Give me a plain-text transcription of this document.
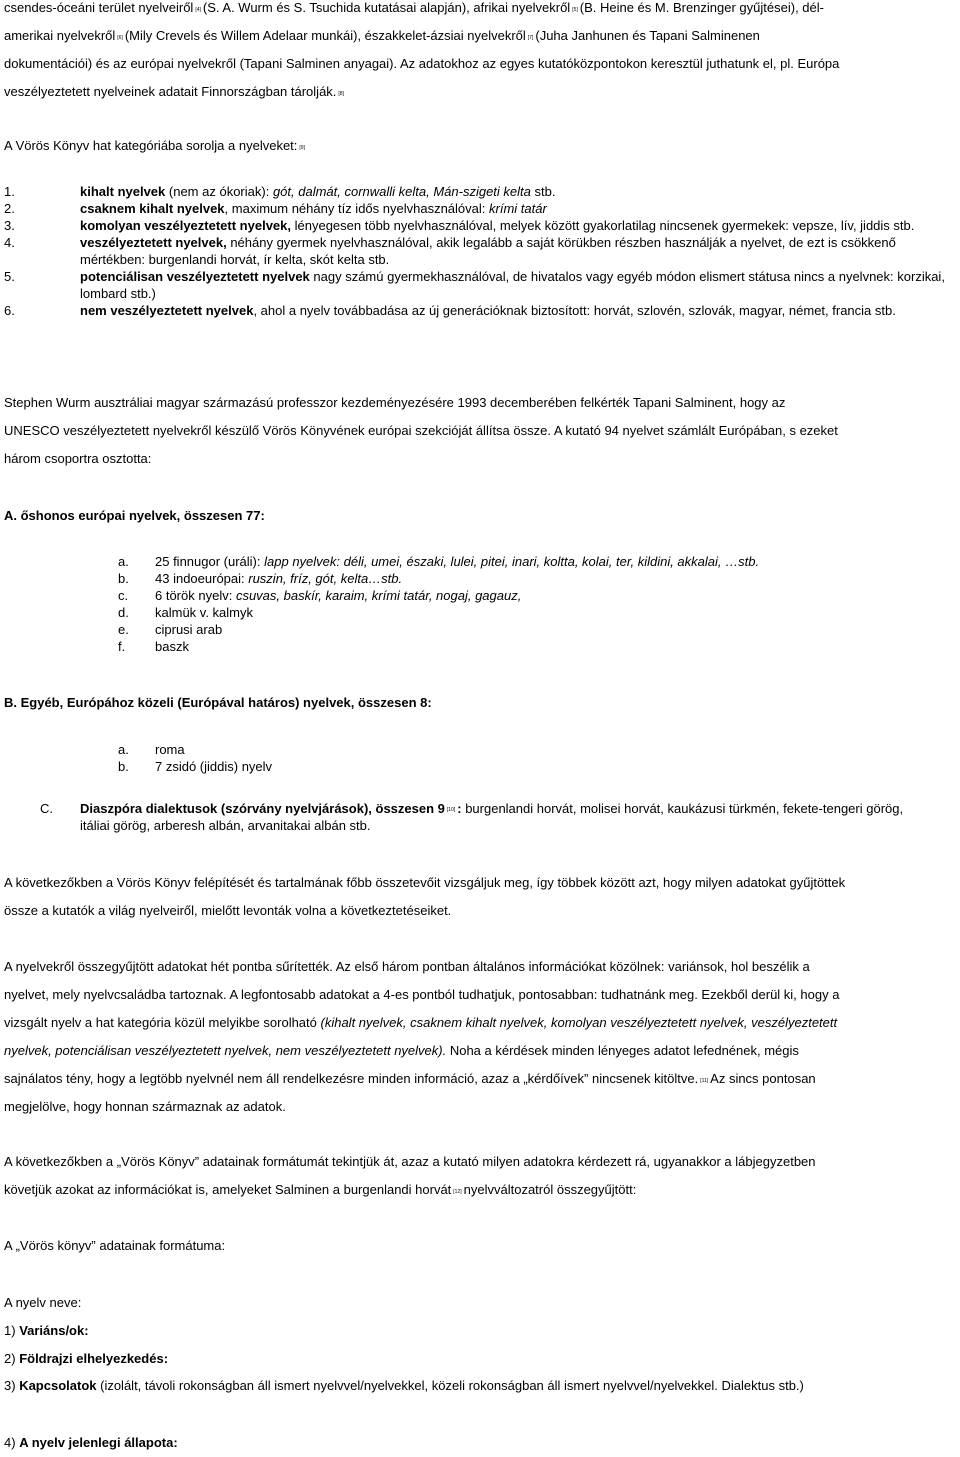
csendes-óceáni terület nyelveiről [4] (S. A. Wurm és S. Tsuchida kutatásai alapján), afrikai nyelvekről [5] (B. Heine és M. Brenzinger gyűjtései), dél-

amerikai nyelvekről [6] (Mily Crevels és Willem Adelaar munkái), északkelet-ázsiai nyelvekről [7] (Juha Janhunen és Tapani Salminenen

dokumentációi) és az európai nyelvekről (Tapani Salminen anyagai). Az adatokhoz az egyes kutatóközpontokon keresztül juthatunk el, pl. Európa

veszélyeztetett nyelveinek adatait Finnországban tárolják. [8]

A Vörös Könyv hat kategóriába sorolja a nyelveket: [9]

1.	kihalt nyelvek (nem az ókoriak): gót, dalmát, cornwalli kelta, Mán-szigeti kelta stb.
2.	csaknem kihalt nyelvek, maximum néhány tíz idős nyelvhasználóval: krími tatár
3.	komolyan veszélyeztetett nyelvek, lényegesen több nyelvhasználóval, melyek között gyakorlatilag nincsenek gyermekek: vepsze, lív, jiddis stb.
4.	veszélyeztetett nyelvek, néhány gyermek nyelvhasználóval, akik legalább a saját körükben részben használják a nyelvet, de ezt is csökkenő mértékben: burgenlandi horvát, ír kelta, skót kelta stb.
5.	potenciálisan veszélyeztetett nyelvek nagy számú gyermekhasználóval, de hivatalos vagy egyéb módon elismert státusa nincs a nyelvnek: korzikai, lombard stb.)
6.	nem veszélyeztetett nyelvek, ahol a nyelv továbbadása az új generációknak biztosított: horvát, szlovén, szlovák, magyar, német, francia stb.

Stephen Wurm ausztráliai magyar származású professzor kezdeményezésére 1993 decemberében felkérték Tapani Salminent, hogy az

UNESCO veszélyeztetett nyelvekről készülő Vörös Könyvének európai szekcióját állítsa össze. A kutató 94 nyelvet számlált Európában, s ezeket

három csoportra osztotta:

A. őshonos európai nyelvek, összesen 77:

a.	25 finnugor (uráli): lapp nyelvek: déli, umei, északi, lulei, pitei, inari, koltta, kolai, ter, kildini, akkalai, …stb.
b.	43 indoeurópai: ruszin, fríz, gót, kelta…stb.
c.	6 török nyelv: csuvas, baskír, karaim, krími tatár, nogaj, gagauz,
d.	kalmük v. kalmyk
e.	ciprusi arab
f.	baszk

B. Egyéb, Európához közeli (Európával határos) nyelvek, összesen 8:

a.	roma
b.	7 zsidó (jiddis) nyelv
C.	Diaszpóra dialektusok (szórvány nyelvjárások), összesen 9 [10] : burgenlandi horvát, molisei horvát, kaukázusi türkmén, fekete-tengeri görög, itáliai görög, arberesh albán, arvanitakai albán stb.

A következőkben a Vörös Könyv felépítését és tartalmának főbb összetevőit vizsgáljuk meg, így többek között azt, hogy milyen adatokat gyűjtöttek

össze a kutatók a világ nyelveiről, mielőtt levonták volna a következtetéseiket.

A nyelvekről összegyűjtött adatokat hét pontba sűrítették. Az első három pontban általános információkat közölnek: variánsok, hol beszélik a

nyelvet, mely nyelvcsaládba tartoznak. A legfontosabb adatokat a 4-es pontból tudhatjuk, pontosabban: tudhatnánk meg. Ezekből derül ki, hogy a

vizsgált nyelv a hat kategória közül melyikbe sorolható (kihalt nyelvek, csaknem kihalt nyelvek, komolyan veszélyeztetett nyelvek, veszélyeztetett

nyelvek, potenciálisan veszélyeztetett nyelvek, nem veszélyeztetett nyelvek). Noha a kérdések minden lényeges adatot lefednének, mégis

sajnálatos tény, hogy a legtöbb nyelvnél nem áll rendelkezésre minden információ, azaz a „kérdőívek” nincsenek kitöltve. [11] Az sincs pontosan

megjelölve, hogy honnan származnak az adatok.

A következőkben a „Vörös Könyv” adatainak formátumát tekintjük át, azaz a kutató milyen adatokra kérdezett rá, ugyanakkor a lábjegyzetben

követjük azokat az információkat is, amelyeket Salminen a burgenlandi horvát [12] nyelvváltozatról összegyűjtött:

A „Vörös könyv” adatainak formátuma:

A nyelv neve:

1) Variáns/ok:

2) Földrajzi elhelyezkedés:

3) Kapcsolatok (izolált, távoli rokonságban áll ismert nyelvvel/nyelvekkel, közeli rokonságban áll ismert nyelvvel/nyelvekkel. Dialektus stb.)

4) A nyelv jelenlegi állapota:
